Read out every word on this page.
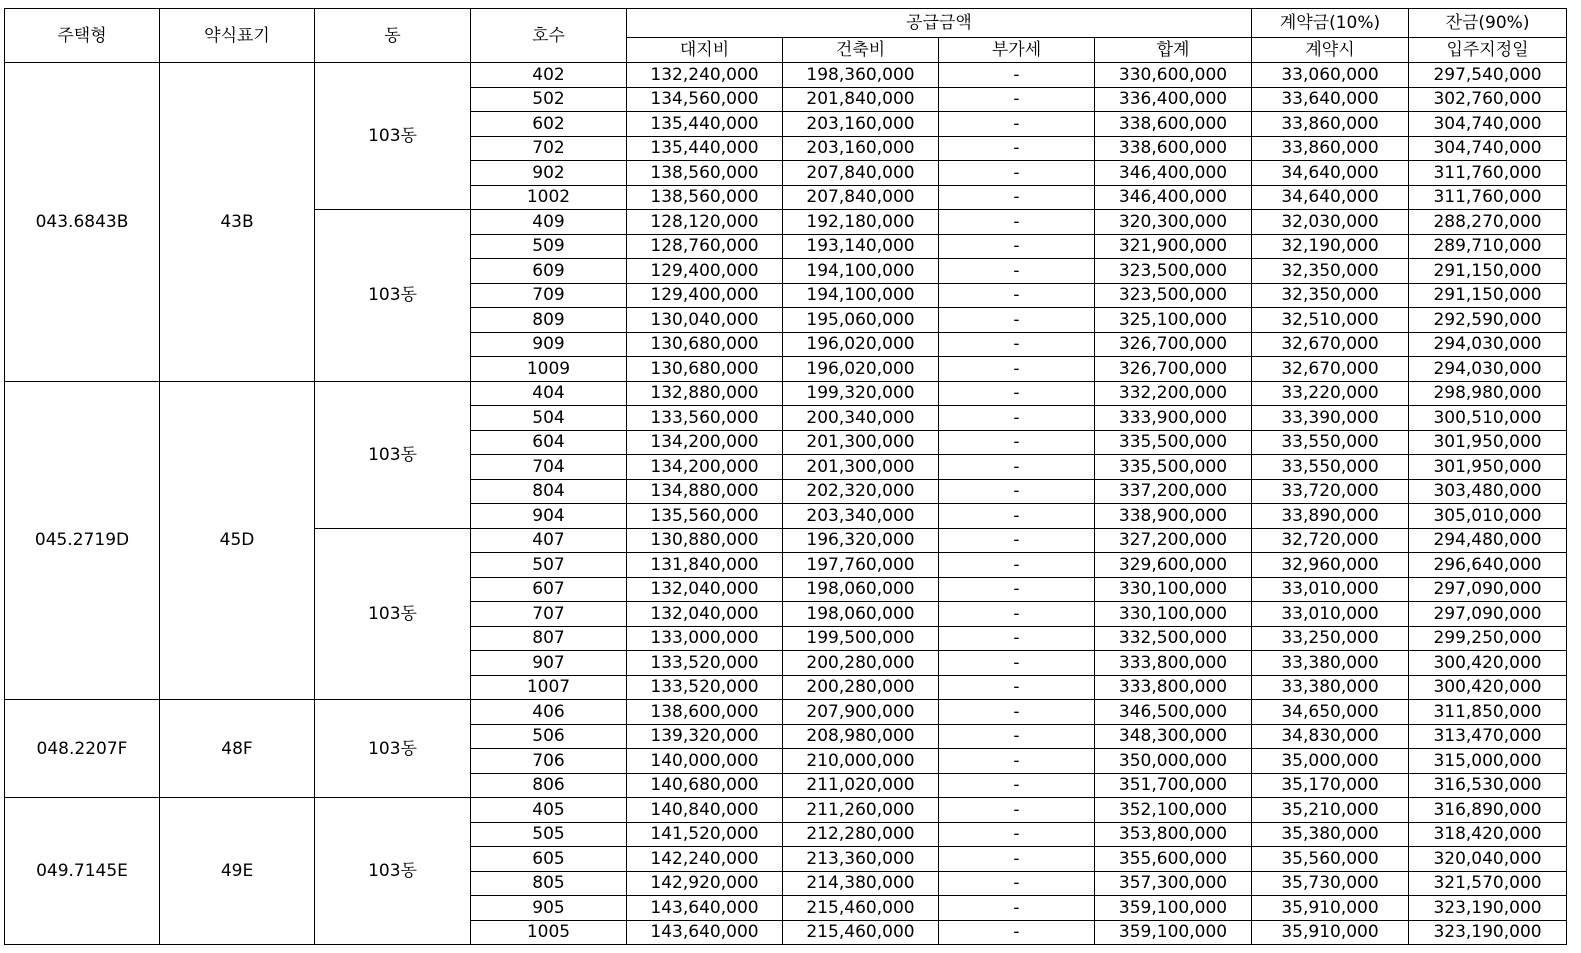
주택형	약식표기	동	호수	공급금액				계약금(10%)	잔금(90%)
				대지비	건축비	부가세	합계	계약시	입주지정일
043.6843B	43B	103동	402	132,240,000	198,360,000	-	330,600,000	33,060,000	297,540,000
			502	134,560,000	201,840,000	-	336,400,000	33,640,000	302,760,000
			602	135,440,000	203,160,000	-	338,600,000	33,860,000	304,740,000
			702	135,440,000	203,160,000	-	338,600,000	33,860,000	304,740,000
			902	138,560,000	207,840,000	-	346,400,000	34,640,000	311,760,000
			1002	138,560,000	207,840,000	-	346,400,000	34,640,000	311,760,000
		103동	409	128,120,000	192,180,000	-	320,300,000	32,030,000	288,270,000
			509	128,760,000	193,140,000	-	321,900,000	32,190,000	289,710,000
			609	129,400,000	194,100,000	-	323,500,000	32,350,000	291,150,000
			709	129,400,000	194,100,000	-	323,500,000	32,350,000	291,150,000
			809	130,040,000	195,060,000	-	325,100,000	32,510,000	292,590,000
			909	130,680,000	196,020,000	-	326,700,000	32,670,000	294,030,000
			1009	130,680,000	196,020,000	-	326,700,000	32,670,000	294,030,000
045.2719D	45D	103동	404	132,880,000	199,320,000	-	332,200,000	33,220,000	298,980,000
			504	133,560,000	200,340,000	-	333,900,000	33,390,000	300,510,000
			604	134,200,000	201,300,000	-	335,500,000	33,550,000	301,950,000
			704	134,200,000	201,300,000	-	335,500,000	33,550,000	301,950,000
			804	134,880,000	202,320,000	-	337,200,000	33,720,000	303,480,000
			904	135,560,000	203,340,000	-	338,900,000	33,890,000	305,010,000
		103동	407	130,880,000	196,320,000	-	327,200,000	32,720,000	294,480,000
			507	131,840,000	197,760,000	-	329,600,000	32,960,000	296,640,000
			607	132,040,000	198,060,000	-	330,100,000	33,010,000	297,090,000
			707	132,040,000	198,060,000	-	330,100,000	33,010,000	297,090,000
			807	133,000,000	199,500,000	-	332,500,000	33,250,000	299,250,000
			907	133,520,000	200,280,000	-	333,800,000	33,380,000	300,420,000
			1007	133,520,000	200,280,000	-	333,800,000	33,380,000	300,420,000
048.2207F	48F	103동	406	138,600,000	207,900,000	-	346,500,000	34,650,000	311,850,000
			506	139,320,000	208,980,000	-	348,300,000	34,830,000	313,470,000
			706	140,000,000	210,000,000	-	350,000,000	35,000,000	315,000,000
			806	140,680,000	211,020,000	-	351,700,000	35,170,000	316,530,000
049.7145E	49E	103동	405	140,840,000	211,260,000	-	352,100,000	35,210,000	316,890,000
			505	141,520,000	212,280,000	-	353,800,000	35,380,000	318,420,000
			605	142,240,000	213,360,000	-	355,600,000	35,560,000	320,040,000
			805	142,920,000	214,380,000	-	357,300,000	35,730,000	321,570,000
			905	143,640,000	215,460,000	-	359,100,000	35,910,000	323,190,000
			1005	143,640,000	215,460,000	-	359,100,000	35,910,000	323,190,000
